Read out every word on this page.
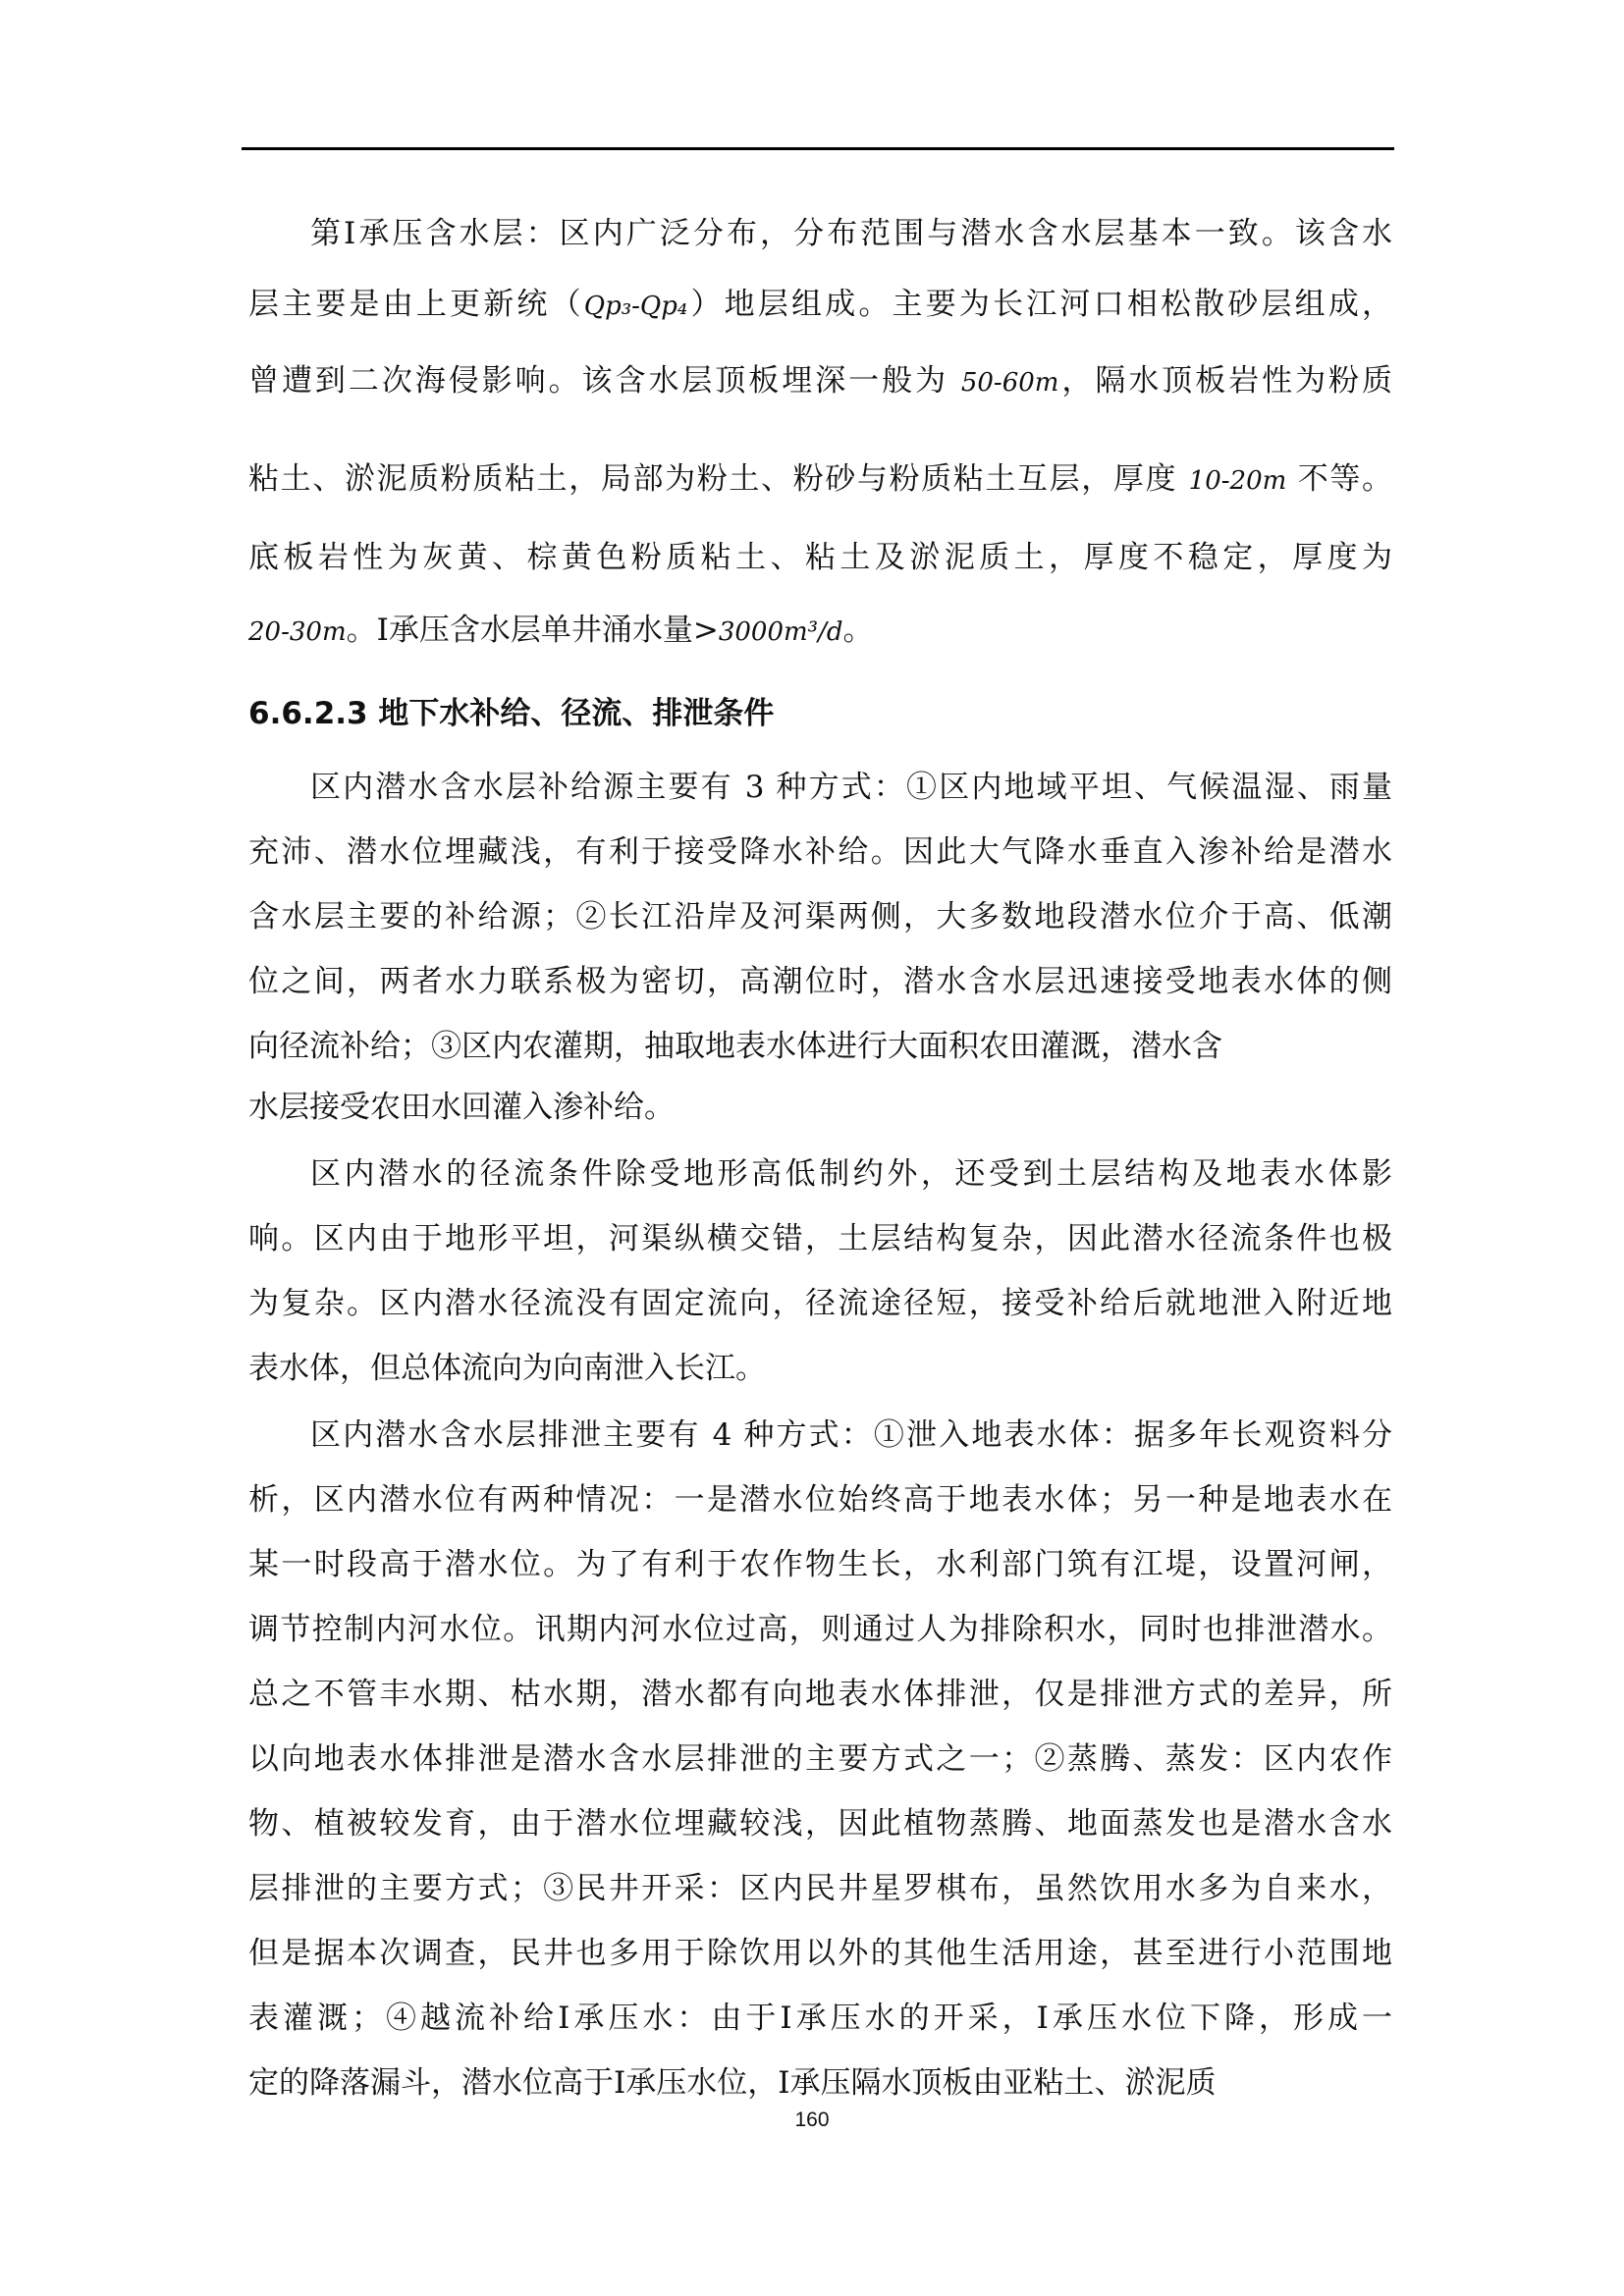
第Ⅰ承压含水层：区内广泛分布，分布范围与潜水含水层基本一致。该含水
层主要是由上更新统（Qp₃-Qp₄）地层组成。主要为长江河口相松散砂层组成，
曾遭到二次海侵影响。该含水层顶板埋深一般为 50-60m，隔水顶板岩性为粉质
粘土、淤泥质粉质粘土，局部为粉土、粉砂与粉质粘土互层，厚度 10-20m 不等。
底板岩性为灰黄、棕黄色粉质粘土、粘土及淤泥质土，厚度不稳定，厚度为
20-30m。Ⅰ承压含水层单井涌水量>3000m³/d。
6.6.2.3 地下水补给、径流、排泄条件
区内潜水含水层补给源主要有 3 种方式：①区内地域平坦、气候温湿、雨量
充沛、潜水位埋藏浅，有利于接受降水补给。因此大气降水垂直入渗补给是潜水
含水层主要的补给源；②长江沿岸及河渠两侧，大多数地段潜水位介于高、低潮
位之间，两者水力联系极为密切，高潮位时，潜水含水层迅速接受地表水体的侧
向径流补给；③区内农灌期，抽取地表水体进行大面积农田灌溉，潜水含
水层接受农田水回灌入渗补给。
区内潜水的径流条件除受地形高低制约外，还受到土层结构及地表水体影
响。区内由于地形平坦，河渠纵横交错，土层结构复杂，因此潜水径流条件也极
为复杂。区内潜水径流没有固定流向，径流途径短，接受补给后就地泄入附近地
表水体，但总体流向为向南泄入长江。
区内潜水含水层排泄主要有 4 种方式：①泄入地表水体：据多年长观资料分
析，区内潜水位有两种情况：一是潜水位始终高于地表水体；另一种是地表水在
某一时段高于潜水位。为了有利于农作物生长，水利部门筑有江堤，设置河闸，
调节控制内河水位。讯期内河水位过高，则通过人为排除积水，同时也排泄潜水。
总之不管丰水期、枯水期，潜水都有向地表水体排泄，仅是排泄方式的差异，所
以向地表水体排泄是潜水含水层排泄的主要方式之一；②蒸腾、蒸发：区内农作
物、植被较发育，由于潜水位埋藏较浅，因此植物蒸腾、地面蒸发也是潜水含水
层排泄的主要方式；③民井开采：区内民井星罗棋布，虽然饮用水多为自来水，
但是据本次调查，民井也多用于除饮用以外的其他生活用途，甚至进行小范围地
表灌溉；④越流补给Ⅰ承压水：由于Ⅰ承压水的开采，Ⅰ承压水位下降，形成一
定的降落漏斗，潜水位高于Ⅰ承压水位，Ⅰ承压隔水顶板由亚粘土、淤泥质
160
